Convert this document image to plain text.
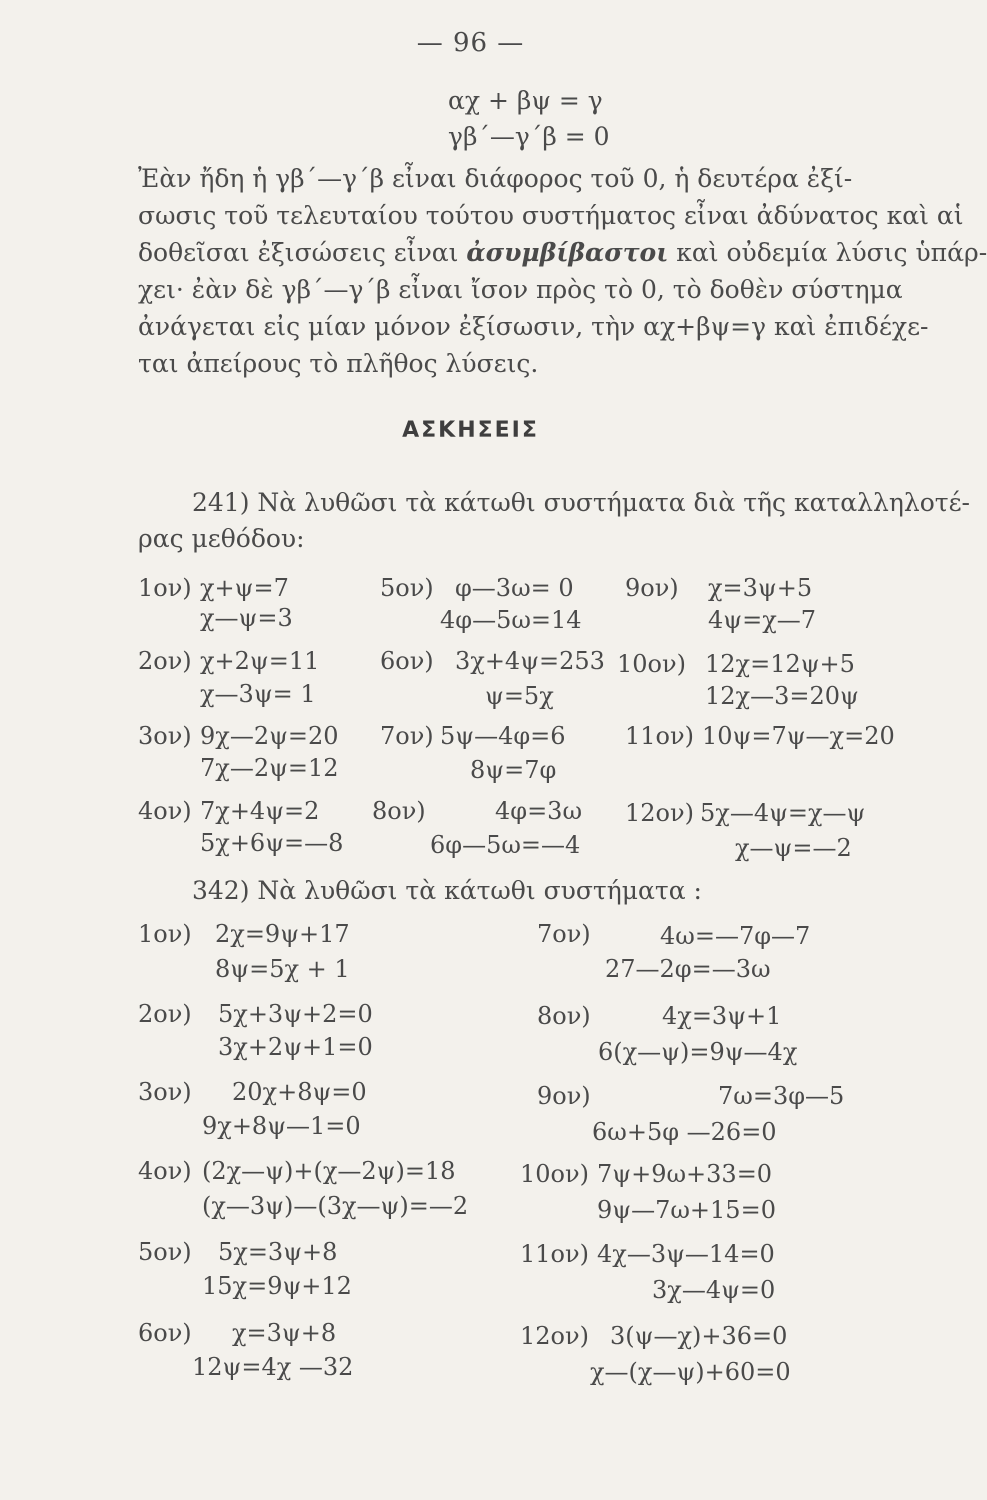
— 96 —
αχ + βψ = γ
γβ΄—γ΄β = 0
Ἐὰν ἤδη ἡ γβ΄—γ΄β εἶναι διάφορος τοῦ 0, ἡ δευτέρα ἐξί-
σωσις τοῦ τελευταίου τούτου συστήματος εἶναι ἀδύνατος καὶ αἱ
δοθεῖσαι ἐξισώσεις εἶναι ἀσυμβίβαστοι καὶ οὐδεμία λύσις ὑπάρ-
χει· ἐὰν δὲ γβ΄—γ΄β εἶναι ἴσον πρὸς τὸ 0, τὸ δοθὲν σύστημα
ἀνάγεται εἰς μίαν μόνον ἐξίσωσιν, τὴν αχ+βψ=γ καὶ ἐπιδέχε-
ται ἀπείρους τὸ πλῆθος λύσεις.
ΑΣΚΗΣΕΙΣ
241) Νὰ λυθῶσι τὰ κάτωθι συστήματα διὰ τῆς καταλληλοτέ-
ρας μεθόδου:
1ον) χ+ψ=7
χ—ψ=3
2ον) χ+2ψ=11
χ—3ψ= 1
3ον) 9χ—2ψ=20
7χ—2ψ=12
4ον) 7χ+4ψ=2
5χ+6ψ=—8
5ον) φ—3ω= 0
4φ—5ω=14
6ον) 3χ+4ψ=253
ψ=5χ
7ον) 5ψ—4φ=6
8ψ=7φ
8ον)	4φ=3ω
6φ—5ω=—4
9ον) χ=3ψ+5
4ψ=χ—7
10ον) 12χ=12ψ+5
12χ—3=20ψ
11ον) 10ψ=7ψ—χ=20
12ον) 5χ—4ψ=χ—ψ
χ—ψ=—2
342) Νὰ λυθῶσι τὰ κάτωθι συστήματα :
1ον) 2χ=9ψ+17
8ψ=5χ + 1
2ον) 5χ+3ψ+2=0
3χ+2ψ+1=0
3ον) 20χ+8ψ=0
9χ+8ψ—1=0
4ον) (2χ—ψ)+(χ—2ψ)=18
(χ—3ψ)—(3χ—ψ)=—2
5ον) 5χ=3ψ+8
15χ=9ψ+12
6ον) χ=3ψ+8
12ψ=4χ —32
7ον)	4ω=—7φ—7
27—2φ=—3ω
8ον)	4χ=3ψ+1
6(χ—ψ)=9ψ—4χ
9ον)	7ω=3φ—5
6ω+5φ —26=0
10ον) 7ψ+9ω+33=0
9ψ—7ω+15=0
11ον) 4χ—3ψ—14=0
3χ—4ψ=0
12ον) 3(ψ—χ)+36=0
χ—(χ—ψ)+60=0
